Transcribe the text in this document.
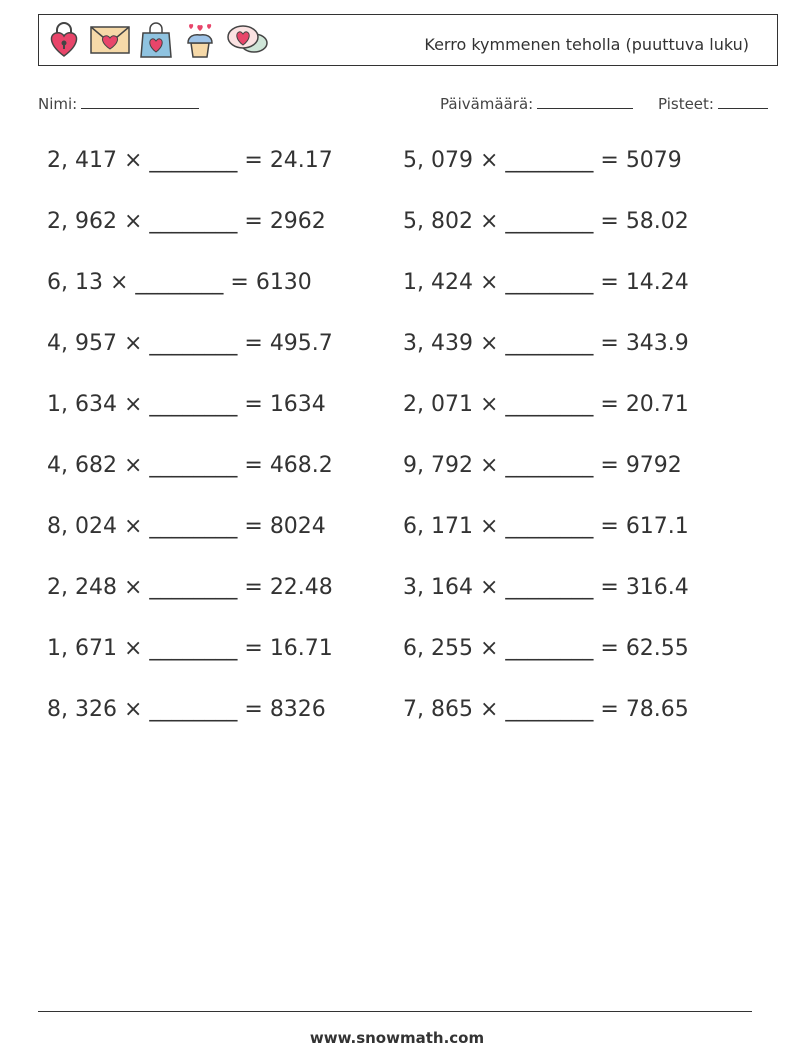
Kerro kymmenen teholla (puuttuva luku)
Nimi:	Päivämäärä:	Pisteet:
2, 417 × ________ = 24.17	5, 079 × ________ = 5079
2, 962 × ________ = 2962	5, 802 × ________ = 58.02
6, 13 × ________ = 6130	1, 424 × ________ = 14.24
4, 957 × ________ = 495.7	3, 439 × ________ = 343.9
1, 634 × ________ = 1634	2, 071 × ________ = 20.71
4, 682 × ________ = 468.2	9, 792 × ________ = 9792
8, 024 × ________ = 8024	6, 171 × ________ = 617.1
2, 248 × ________ = 22.48	3, 164 × ________ = 316.4
1, 671 × ________ = 16.71	6, 255 × ________ = 62.55
8, 326 × ________ = 8326	7, 865 × ________ = 78.65
www.snowmath.com
